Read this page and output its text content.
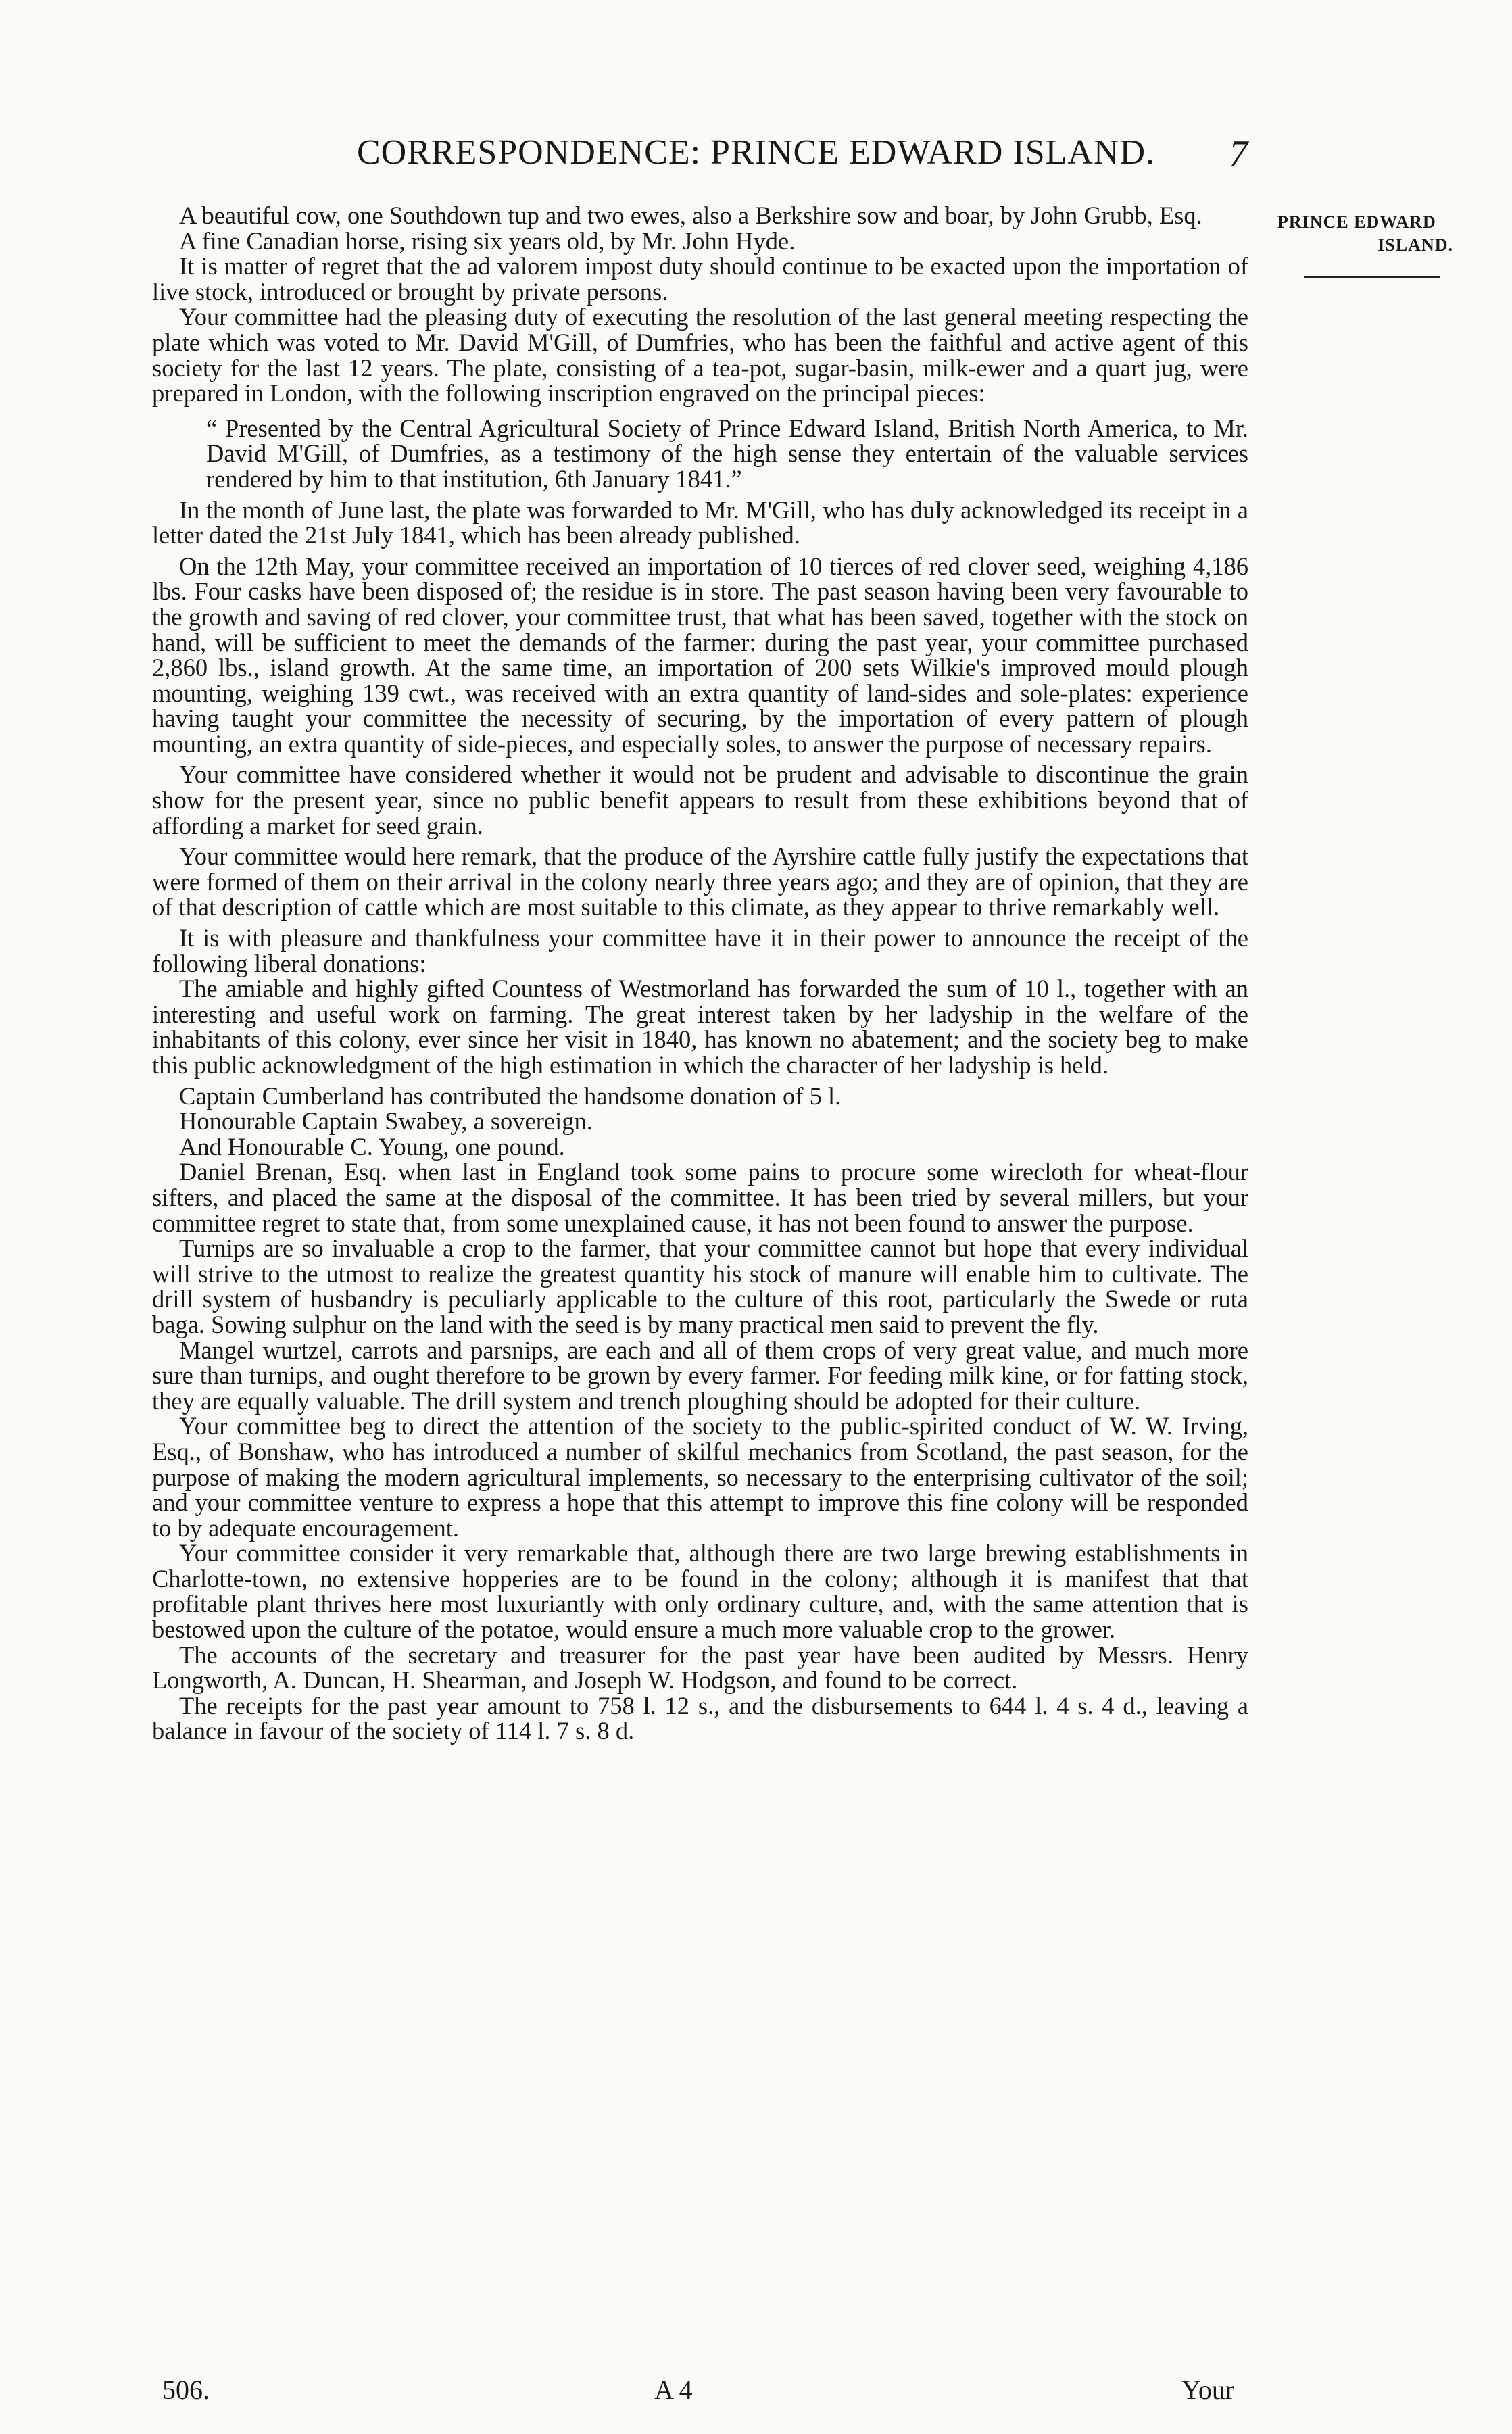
CORRESPONDENCE: PRINCE EDWARD ISLAND.	7
PRINCE EDWARD
ISLAND.

A beautiful cow, one Southdown tup and two ewes, also a Berkshire sow and boar, by John Grubb, Esq.

A fine Canadian horse, rising six years old, by Mr. John Hyde.

It is matter of regret that the ad valorem impost duty should continue to be exacted upon the importation of live stock, introduced or brought by private persons.

Your committee had the pleasing duty of executing the resolution of the last general meeting respecting the plate which was voted to Mr. David M'Gill, of Dumfries, who has been the faithful and active agent of this society for the last 12 years. The plate, consisting of a tea-pot, sugar-basin, milk-ewer and a quart jug, were prepared in London, with the following inscription engraved on the principal pieces:

“ Presented by the Central Agricultural Society of Prince Edward Island, British North America, to Mr. David M'Gill, of Dumfries, as a testimony of the high sense they entertain of the valuable services rendered by him to that institution, 6th January 1841.”

In the month of June last, the plate was forwarded to Mr. M'Gill, who has duly acknowledged its receipt in a letter dated the 21st July 1841, which has been already published.

On the 12th May, your committee received an importation of 10 tierces of red clover seed, weighing 4,186 lbs. Four casks have been disposed of; the residue is in store. The past season having been very favourable to the growth and saving of red clover, your committee trust, that what has been saved, together with the stock on hand, will be sufficient to meet the demands of the farmer: during the past year, your committee purchased 2,860 lbs., island growth. At the same time, an importation of 200 sets Wilkie's improved mould plough mounting, weighing 139 cwt., was received with an extra quantity of land-sides and sole-plates: experience having taught your committee the necessity of securing, by the importation of every pattern of plough mounting, an extra quantity of side-pieces, and especially soles, to answer the purpose of necessary repairs.

Your committee have considered whether it would not be prudent and advisable to discontinue the grain show for the present year, since no public benefit appears to result from these exhibitions beyond that of affording a market for seed grain.

Your committee would here remark, that the produce of the Ayrshire cattle fully justify the expectations that were formed of them on their arrival in the colony nearly three years ago; and they are of opinion, that they are of that description of cattle which are most suitable to this climate, as they appear to thrive remarkably well.

It is with pleasure and thankfulness your committee have it in their power to announce the receipt of the following liberal donations:

The amiable and highly gifted Countess of Westmorland has forwarded the sum of 10 l., together with an interesting and useful work on farming. The great interest taken by her ladyship in the welfare of the inhabitants of this colony, ever since her visit in 1840, has known no abatement; and the society beg to make this public acknowledgment of the high estimation in which the character of her ladyship is held.

Captain Cumberland has contributed the handsome donation of 5 l.

Honourable Captain Swabey, a sovereign.

And Honourable C. Young, one pound.

Daniel Brenan, Esq. when last in England took some pains to procure some wirecloth for wheat-flour sifters, and placed the same at the disposal of the committee. It has been tried by several millers, but your committee regret to state that, from some unexplained cause, it has not been found to answer the purpose.

Turnips are so invaluable a crop to the farmer, that your committee cannot but hope that every individual will strive to the utmost to realize the greatest quantity his stock of manure will enable him to cultivate. The drill system of husbandry is peculiarly applicable to the culture of this root, particularly the Swede or ruta baga. Sowing sulphur on the land with the seed is by many practical men said to prevent the fly.

Mangel wurtzel, carrots and parsnips, are each and all of them crops of very great value, and much more sure than turnips, and ought therefore to be grown by every farmer. For feeding milk kine, or for fatting stock, they are equally valuable. The drill system and trench ploughing should be adopted for their culture.

Your committee beg to direct the attention of the society to the public-spirited conduct of W. W. Irving, Esq., of Bonshaw, who has introduced a number of skilful mechanics from Scotland, the past season, for the purpose of making the modern agricultural implements, so necessary to the enterprising cultivator of the soil; and your committee venture to express a hope that this attempt to improve this fine colony will be responded to by adequate encouragement.

Your committee consider it very remarkable that, although there are two large brewing establishments in Charlotte-town, no extensive hopperies are to be found in the colony; although it is manifest that that profitable plant thrives here most luxuriantly with only ordinary culture, and, with the same attention that is bestowed upon the culture of the potatoe, would ensure a much more valuable crop to the grower.

The accounts of the secretary and treasurer for the past year have been audited by Messrs. Henry Longworth, A. Duncan, H. Shearman, and Joseph W. Hodgson, and found to be correct.

The receipts for the past year amount to 758 l. 12 s., and the disbursements to 644 l. 4 s. 4 d., leaving a balance in favour of the society of 114 l. 7 s. 8 d.

506.	A 4	Your
